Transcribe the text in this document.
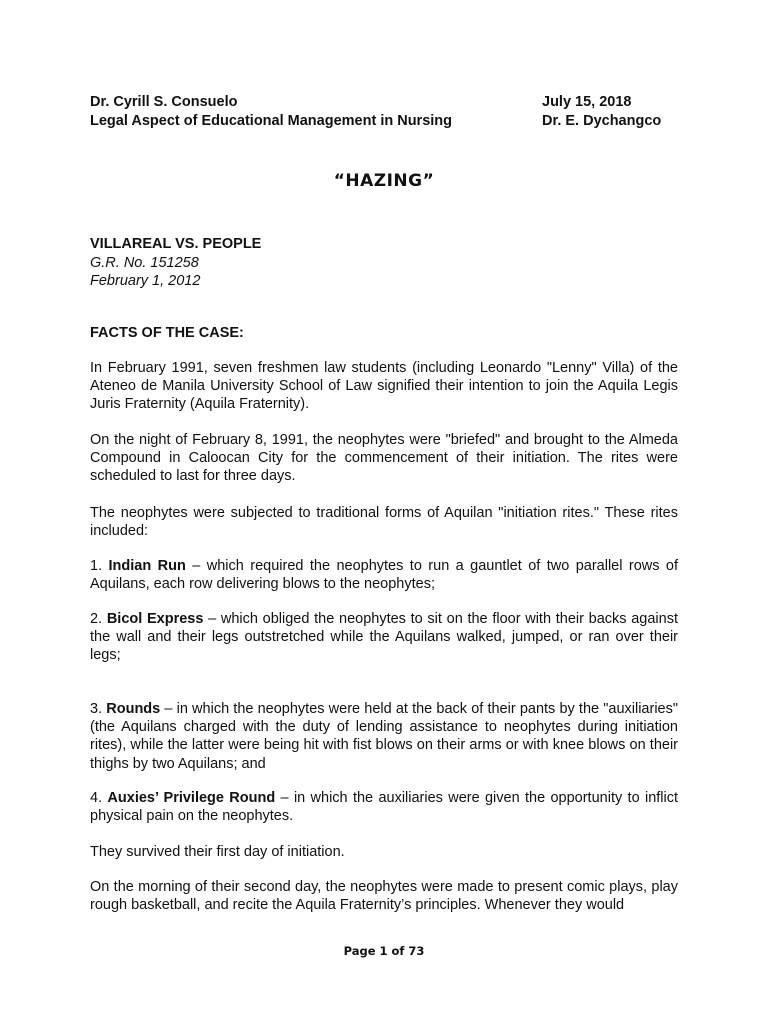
Dr. Cyrill S. Consuelo	July 15, 2018
Legal Aspect of Educational Management in Nursing	Dr. E. Dychangco
“HAZING”
VILLAREAL VS. PEOPLE
G.R. No. 151258
February 1, 2012
FACTS OF THE CASE:

In February 1991, seven freshmen law students (including Leonardo "Lenny" Villa) of the Ateneo de Manila University School of Law signified their intention to join the Aquila Legis Juris Fraternity (Aquila Fraternity).

On the night of February 8, 1991, the neophytes were "briefed" and brought to the Almeda Compound in Caloocan City for the commencement of their initiation. The rites were scheduled to last for three days.

The neophytes were subjected to traditional forms of Aquilan "initiation rites." These rites included:

1. Indian Run – which required the neophytes to run a gauntlet of two parallel rows of Aquilans, each row delivering blows to the neophytes;

2. Bicol Express – which obliged the neophytes to sit on the floor with their backs against the wall and their legs outstretched while the Aquilans walked, jumped, or ran over their legs;

3. Rounds – in which the neophytes were held at the back of their pants by the "auxiliaries" (the Aquilans charged with the duty of lending assistance to neophytes during initiation rites), while the latter were being hit with fist blows on their arms or with knee blows on their thighs by two Aquilans; and

4. Auxies’ Privilege Round – in which the auxiliaries were given the opportunity to inflict physical pain on the neophytes.

They survived their first day of initiation.

On the morning of their second day, the neophytes were made to present comic plays, play rough basketball, and recite the Aquila Fraternity’s principles. Whenever they would

Page 1 of 73
